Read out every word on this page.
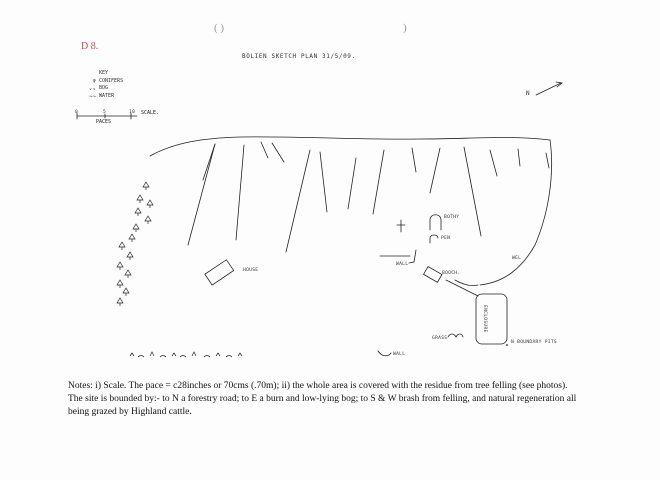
D 8.
( )	)
BOLIEN SKETCH PLAN 31/5/09.
KEY
♆ CONIFERS
ᵥᵥ BOG
∼∼ WATER
SCALE.
PACES
0	5	10
HOUSE
BOTHY
PEN
WALL
BOOCH.
WEL
ENCLOSURE
GRASS
WALL
N BOUNDARY PITS
N

Notes: i) Scale. The pace = c28inches or 70cms (.70m); ii) the whole area is covered with the residue from tree felling (see photos).

The site is bounded by:- to N a forestry road; to E a burn and low-lying bog; to S & W brash from felling, and natural regeneration all

being grazed by Highland cattle.
